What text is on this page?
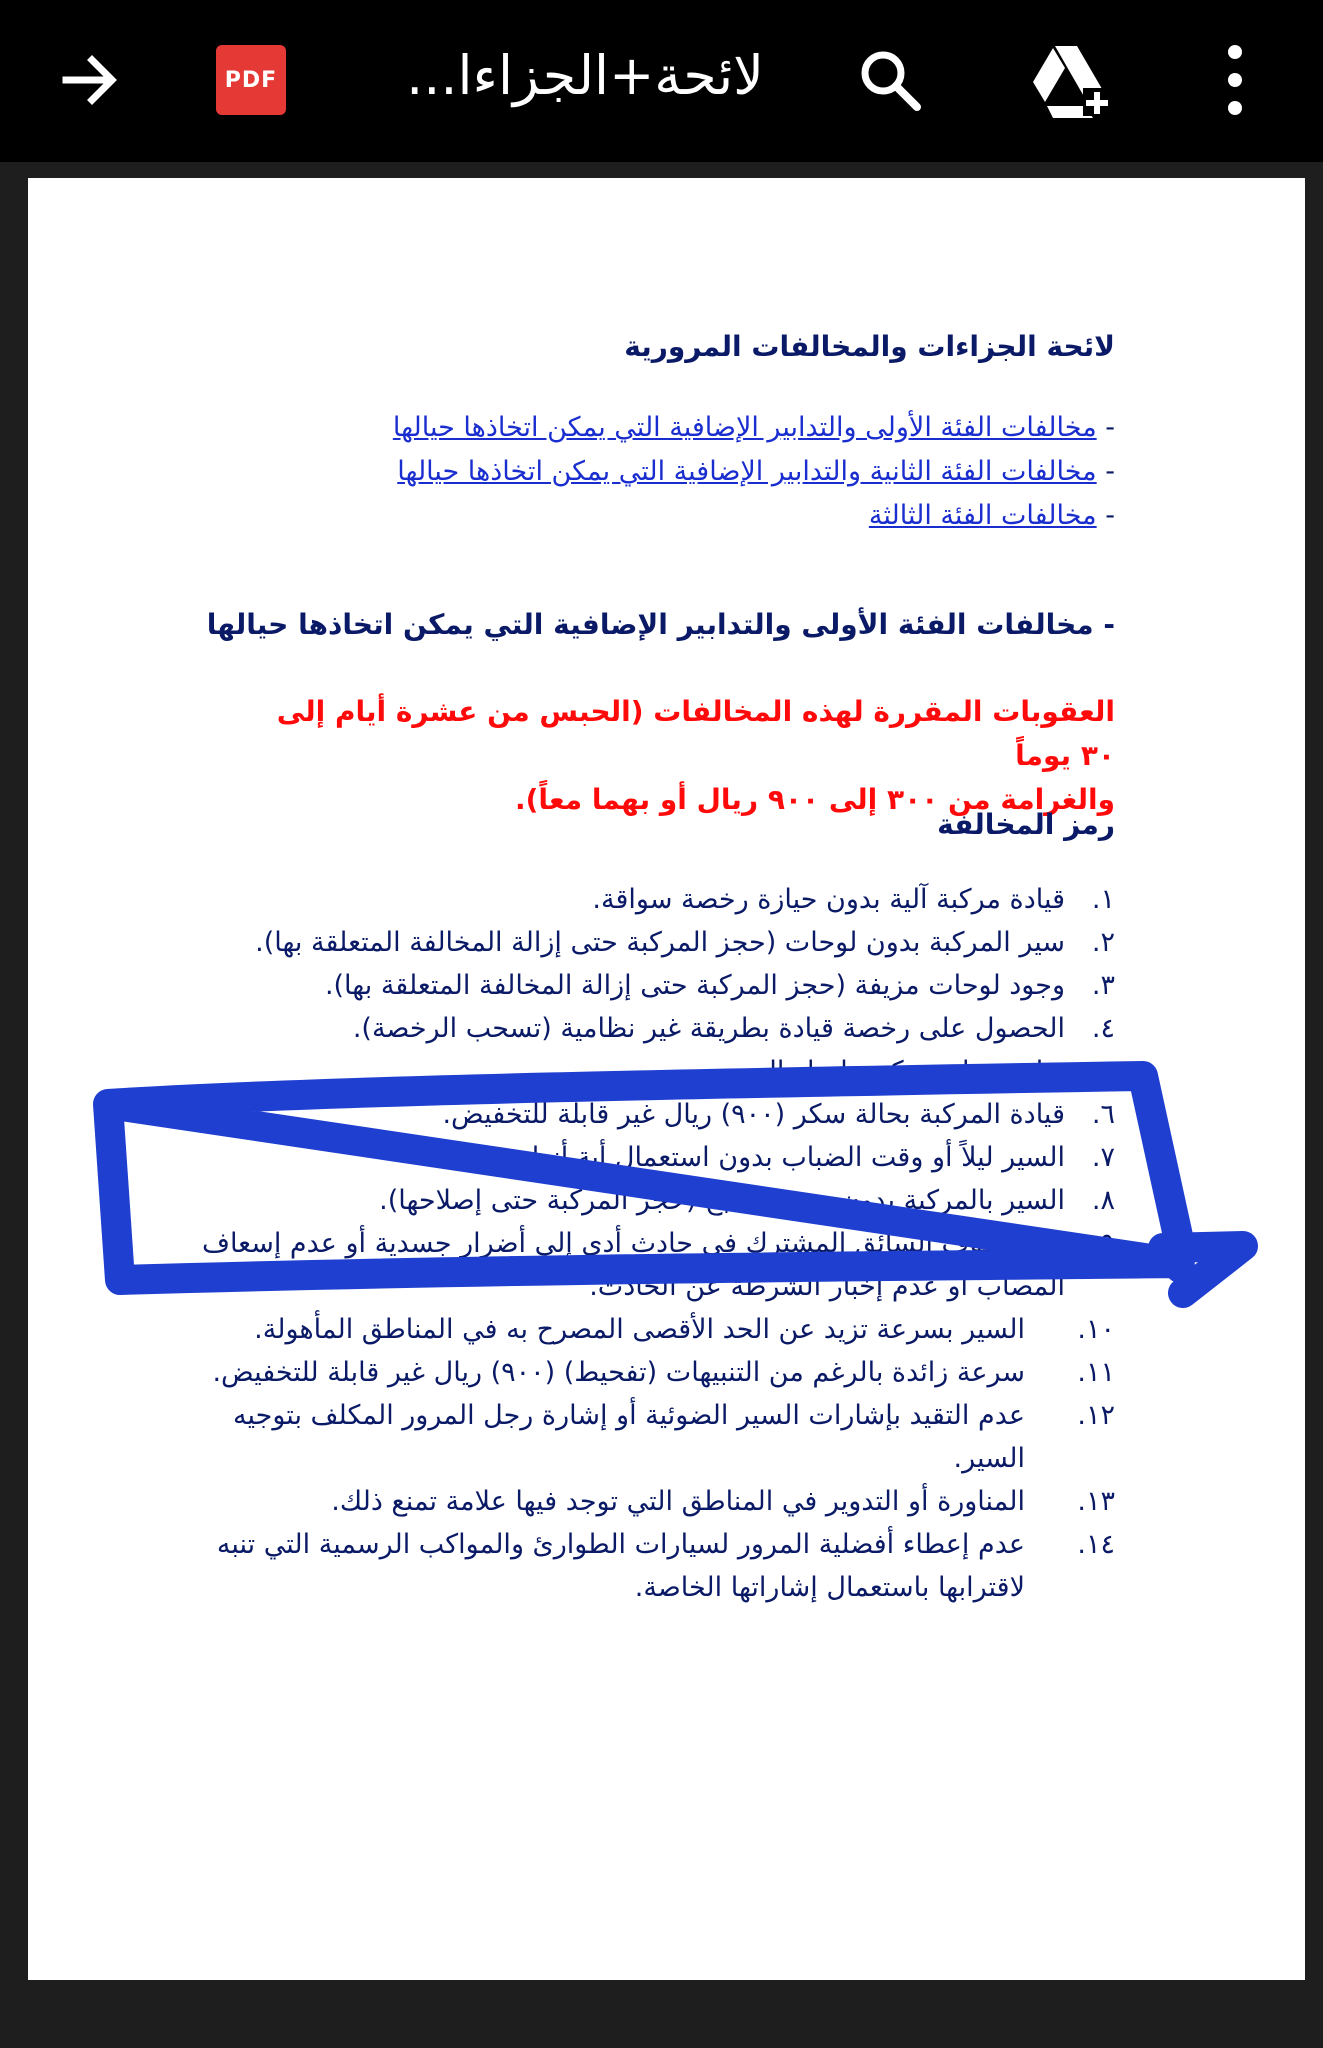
PDF	لائحة+الجزاءا...
لائحة الجزاءات والمخالفات المرورية
- مخالفات الفئة الأولى والتدابير الإضافية التي يمكن اتخاذها حيالها
- مخالفات الفئة الثانية والتدابير الإضافية التي يمكن اتخاذها حيالها
- مخالفات الفئة الثالثة
- مخالفات الفئة الأولى والتدابير الإضافية التي يمكن اتخاذها حيالها
العقوبات المقررة لهذه المخالفات (الحبس من عشرة أيام إلى ٣٠ يوماً
والغرامة من ٣٠٠ إلى ٩٠٠ ريال أو بهما معاً).
رمز المخالفة
١.
قيادة مركبة آلية بدون حيازة رخصة سواقة.
٢.
سير المركبة بدون لوحات (حجز المركبة حتى إزالة المخالفة المتعلقة بها).
٣.
وجود لوحات مزيفة (حجز المركبة حتى إزالة المخالفة المتعلقة بها).
٤.
الحصول على رخصة قيادة بطريقة غير نظامية (تسحب الرخصة).
٥.
قيادة سيارة بعكس اتجاه السير.
٦.
قيادة المركبة بحالة سكر (٩٠٠) ريال غير قابلة للتخفيض.
٧.
السير ليلاً أو وقت الضباب بدون استعمال أية أنوار.
٨.
السير بالمركبة بدون وجود مكابح (حجز المركبة حتى إصلاحها).
٩.
عدم وقوف السائق المشترك في حادث أدى إلى أضرار جسدية أو عدم إسعاف المصاب أو عدم إخبار الشرطة عن الحادث.
١٠.
السير بسرعة تزيد عن الحد الأقصى المصرح به في المناطق المأهولة.
١١.
سرعة زائدة بالرغم من التنبيهات (تفحيط) (٩٠٠) ريال غير قابلة للتخفيض.
١٢.
عدم التقيد بإشارات السير الضوئية أو إشارة رجل المرور المكلف بتوجيه السير.
١٣.
المناورة أو التدوير في المناطق التي توجد فيها علامة تمنع ذلك.
١٤.
عدم إعطاء أفضلية المرور لسيارات الطوارئ والمواكب الرسمية التي تنبه لاقترابها باستعمال إشاراتها الخاصة.
